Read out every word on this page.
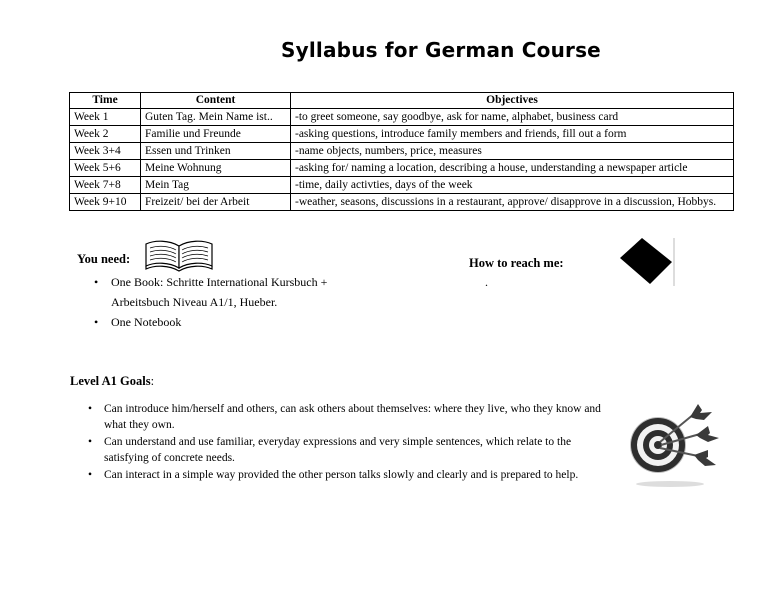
Syllabus for German Course
Time	Content	Objectives
Week 1	Guten Tag. Mein Name ist..	-to greet someone, say goodbye, ask for name, alphabet, business card
Week 2	Familie und Freunde	-asking questions, introduce family members and friends, fill out a form
Week 3+4	Essen und Trinken	-name objects, numbers, price, measures
Week 5+6	Meine Wohnung	-asking for/ naming a location, describing a house, understanding a newspaper article
Week 7+8	Mein Tag	-time, daily activties, days of the week
Week 9+10	Freizeit/ bei der Arbeit	-weather, seasons, discussions in a restaurant, approve/ disapprove in a discussion, Hobbys.
You need:
• One Book: Schritte International Kursbuch +
Arbeitsbuch Niveau A1/1, Hueber.
• One Notebook
How to reach me:
.
Level A1 Goals:
• Can introduce him/herself and others, can ask others about themselves: where they live, who they know and what they own.
• Can understand and use familiar, everyday expressions and very simple sentences, which relate to the satisfying of concrete needs.
• Can interact in a simple way provided the other person talks slowly and clearly and is prepared to help.
